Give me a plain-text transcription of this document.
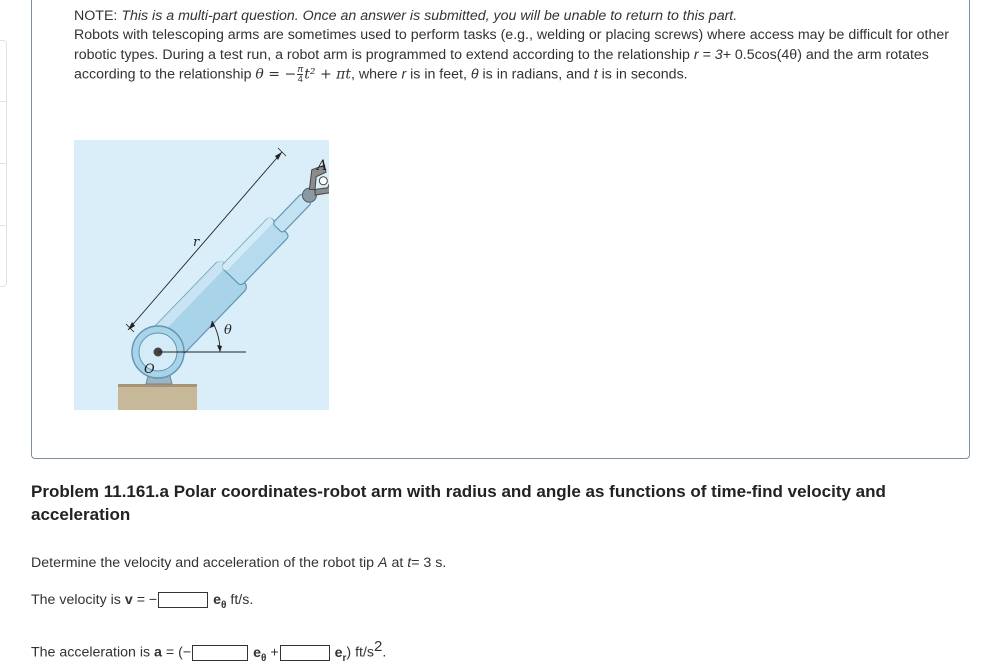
NOTE: This is a multi-part question. Once an answer is submitted, you will be unable to return to this part.
Robots with telescoping arms are sometimes used to perform tasks (e.g., welding or placing screws) where access may be difficult for other robotic types. During a test run, a robot arm is programmed to extend according to the relationship r = 3+ 0.5cos(4θ) and the arm rotates according to the relationship θ = − $\frac{\pi}{4} t^2 + \pi t$, where r is in feet, θ is in radians, and t is in seconds.
A
r
θ
O
Problem 11.161.a Polar coordinates-robot arm with radius and angle as functions of time-find velocity and acceleration
Determine the velocity and acceleration of the robot tip A at t= 3 s.
The velocity is v = −	$e_\theta$ ft/s.
The acceleration is a = (−	$e_\theta$ +	$e_r$) $ft/s^2$.
